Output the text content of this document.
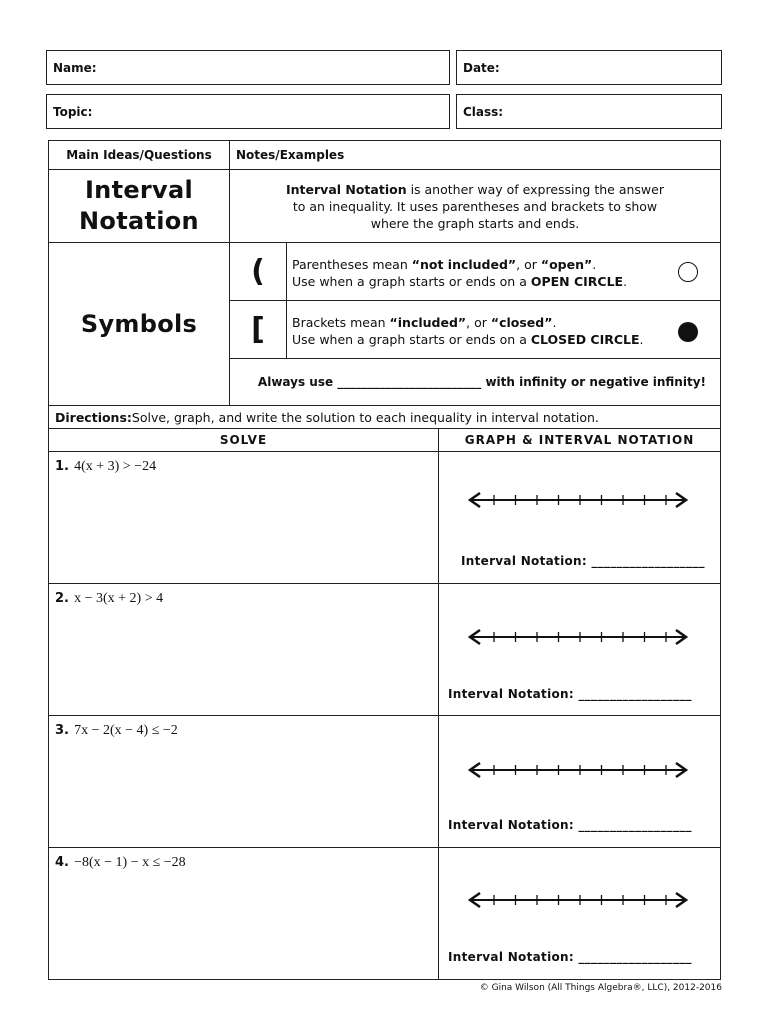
Name:	Date:
Topic:	Class:
Main Ideas/Questions	Notes/Examples
Interval
Notation
Interval Notation is another way of expressing the answer
to an inequality. It uses parentheses and brackets to show
where the graph starts and ends.
Symbols
(	Parentheses mean “not included”, or “open”.
Use when a graph starts or ends on a OPEN CIRCLE.
[	Brackets mean “included”, or “closed”.
Use when a graph starts or ends on a CLOSED CIRCLE.
Always use ________________________ with infinity or negative infinity!
Directions: Solve, graph, and write the solution to each inequality in interval notation.
SOLVE	GRAPH & INTERVAL NOTATION
1. 4(x + 3) > −24
Interval Notation: __________________
2. x − 3(x + 2) > 4
Interval Notation: __________________
3. 7x − 2(x − 4) ≤ −2
Interval Notation: __________________
4. −8(x − 1) − x ≤ −28
Interval Notation: __________________
© Gina Wilson (All Things Algebra®, LLC), 2012-2016
